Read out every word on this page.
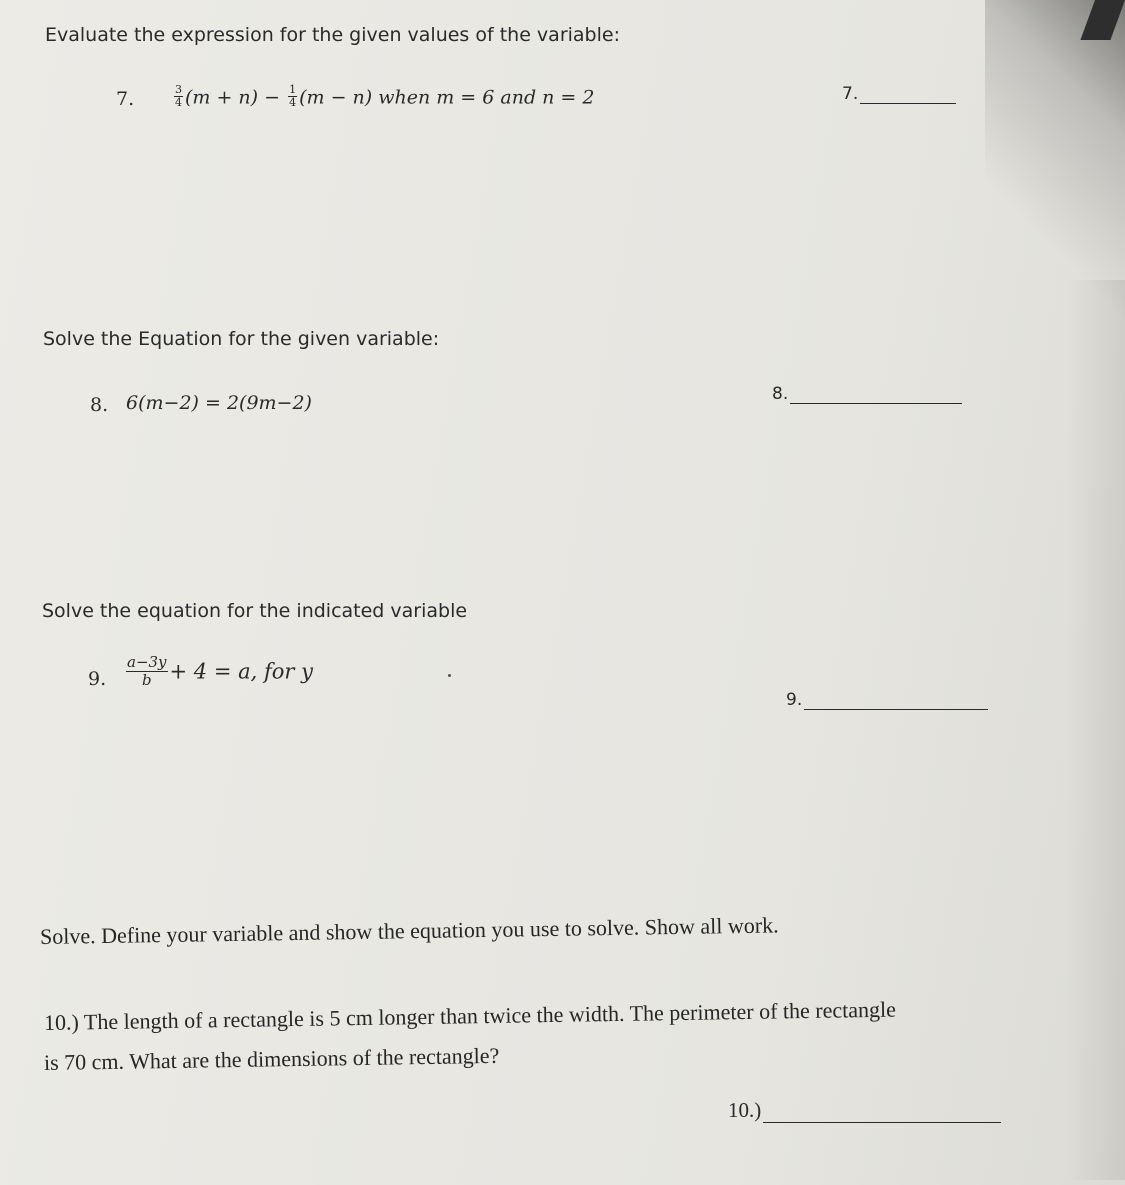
Evaluate the expression for the given values of the variable:
7.	$\frac{3}{4} (m + n) - \frac{1}{4} (m - n)$ when m = 6 and n = 2	7.
Solve the Equation for the given variable:
8. 6(m−2) = 2(9m−2)	8.
Solve the equation for the indicated variable
9. $\frac{a-3y}{b} + 4 = a$, for y
9.
Solve. Define your variable and show the equation you use to solve. Show all work.
10.) The length of a rectangle is 5 cm longer than twice the width. The perimeter of the rectangle
is 70 cm. What are the dimensions of the rectangle?
10.)
